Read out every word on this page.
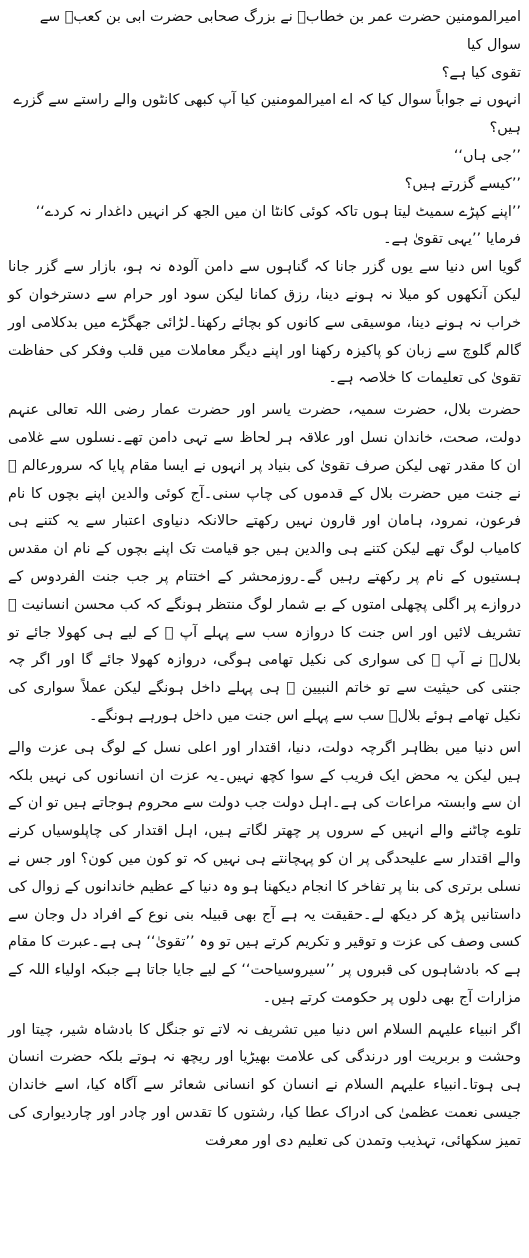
امیرالمومنین حضرت عمر بن خطابؓ نے بزرگ صحابی حضرت ابی بن کعبؓ سے سوال کیا

تقوی کیا ہے؟

انہوں نے جواباً سوال کیا کہ اے امیرالمومنین کیا آپ کبھی کانٹوں والے راستے سے گزرے ہیں؟

’’جی ہاں‘‘

’’کیسے گزرتے ہیں؟

’’اپنے کپڑے سمیٹ لیتا ہوں تاکہ کوئی کانٹا ان میں الجھ کر انہیں داغدار نہ کردے‘‘

فرمایا ’’یہی تقویٰ ہے۔

گویا اس دنیا سے یوں گزر جانا کہ گناہوں سے دامن آلودہ نہ ہو، بازار سے گزر جانا لیکن آنکھوں کو میلا نہ ہونے دینا، رزق کمانا لیکن سود اور حرام سے دسترخوان کو خراب نہ ہونے دینا، موسیقی سے کانوں کو بچائے رکھنا۔لڑائی جھگڑے میں بدکلامی اور گالم گلوچ سے زبان کو پاکیزہ رکھنا اور اپنے دیگر معاملات میں قلب وفکر کی حفاظت تقویٰ کی تعلیمات کا خلاصہ ہے۔

حضرت بلال، حضرت سمیہ، حضرت یاسر اور حضرت عمار رضی اللہ تعالی عنہم دولت، صحت، خاندان نسل اور علاقہ ہر لحاظ سے تہی دامن تھے۔نسلوں سے غلامی ان کا مقدر تھی لیکن صرف تقویٰ کی بنیاد پر انہوں نے ایسا مقام پایا کہ سرورعالم ﷺ نے جنت میں حضرت بلال کے قدموں کی چاپ سنی۔آج کوئی والدین اپنے بچوں کا نام فرعون، نمرود، ہامان اور قارون نہیں رکھتے حالانکہ دنیاوی اعتبار سے یہ کتنے ہی کامیاب لوگ تھے لیکن کتنے ہی والدین ہیں جو قیامت تک اپنے بچوں کے نام ان مقدس ہستیوں کے نام پر رکھتے رہیں گے۔روزمحشر کے اختتام پر جب جنت الفردوس کے دروازے پر اگلی پچھلی امتوں کے بے شمار لوگ منتظر ہونگے کہ کب محسن انسانیت ﷺ تشریف لائیں اور اس جنت کا دروازہ سب سے پہلے آپ ﷺ کے لیے ہی کھولا جائے تو بلالؓ نے آپ ﷺ کی سواری کی نکیل تھامی ہوگی، دروازہ کھولا جائے گا اور اگر چہ جنتی کی حیثیت سے تو خاتم النبیین ﷺ ہی پہلے داخل ہونگے لیکن عملاً سواری کی نکیل تھامے ہوئے بلالؓ سب سے پہلے اس جنت میں داخل ہورہے ہونگے۔

اس دنیا میں بظاہر اگرچہ دولت، دنیا، اقتدار اور اعلی نسل کے لوگ ہی عزت والے ہیں لیکن یہ محض ایک فریب کے سوا کچھ نہیں۔یہ عزت ان انسانوں کی نہیں بلکہ ان سے وابستہ مراعات کی ہے۔اہل دولت جب دولت سے محروم ہوجاتے ہیں تو ان کے تلوے چاٹنے والے انہیں کے سروں پر چھتر لگاتے ہیں، اہل اقتدار کی چاپلوسیاں کرنے والے اقتدار سے علیحدگی پر ان کو پہچانتے ہی نہیں کہ تو کون میں کون؟ اور جس نے نسلی برتری کی بنا پر تفاخر کا انجام دیکھنا ہو وہ دنیا کے عظیم خاندانوں کے زوال کی داستانیں پڑھ کر دیکھ لے۔حقیقت یہ ہے آج بھی قبیلہ بنی نوع کے افراد دل وجان سے کسی وصف کی عزت و توقیر و تکریم کرتے ہیں تو وہ ’’تقویٰ‘‘ ہی ہے۔عبرت کا مقام ہے کہ بادشاہوں کی قبروں پر ’’سیروسیاحت‘‘ کے لیے جایا جاتا ہے جبکہ اولیاء اللہ کے مزارات آج بھی دلوں پر حکومت کرتے ہیں۔

اگر انبیاء علیہم السلام اس دنیا میں تشریف نہ لاتے تو جنگل کا بادشاہ شیر، چیتا اور وحشت و بربریت اور درندگی کی علامت بھیڑیا اور ریچھ نہ ہوتے بلکہ حضرت انسان ہی ہوتا۔انبیاء علیہم السلام نے انسان کو انسانی شعائر سے آگاہ کیا، اسے خاندان جیسی نعمت عظمیٰ کی ادراک عطا کیا، رشتوں کا تقدس اور چادر اور چاردیواری کی تمیز سکھائی، تہذیب وتمدن کی تعلیم دی اور معرفت
